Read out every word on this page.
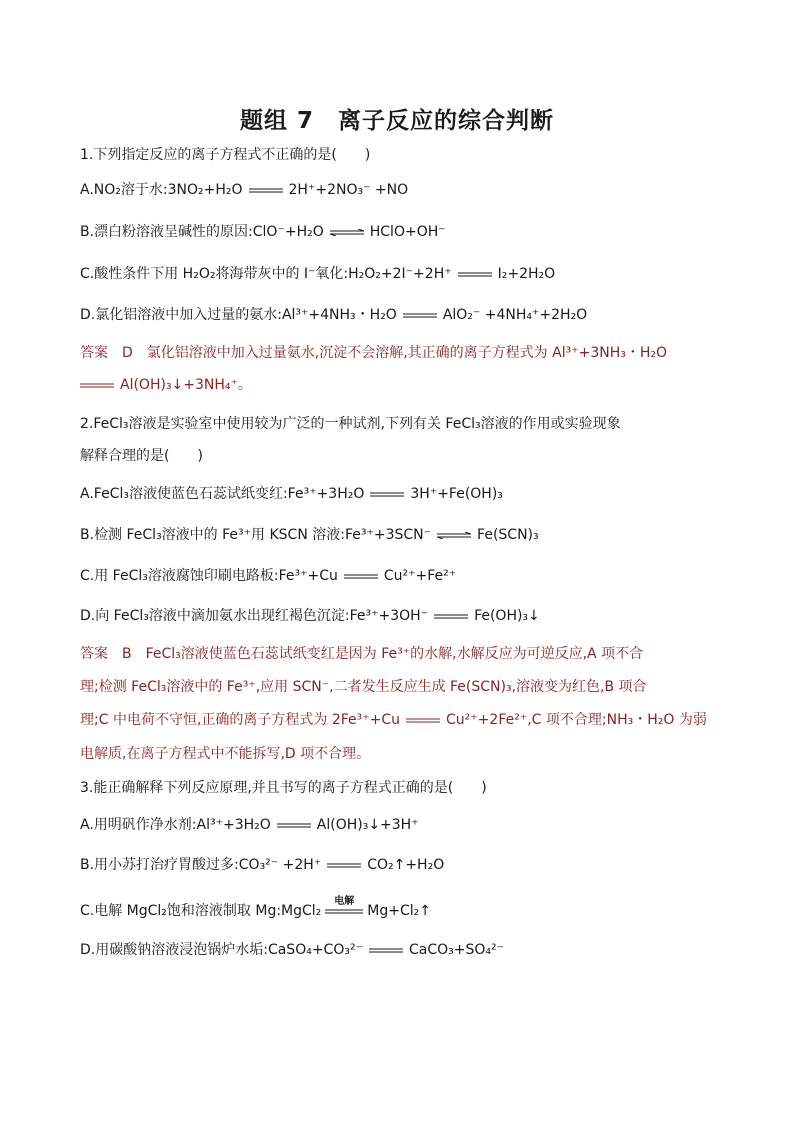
题组 7　离子反应的综合判断
1.下列指定反应的离子方程式不正确的是(　　)
A.NO₂溶于水:3NO₂+H₂O	2H⁺+2NO₃⁻ +NO
B.漂白粉溶液呈碱性的原因:ClO⁻+H₂O ⇌ HClO+OH⁻
C.酸性条件下用 H₂O₂将海带灰中的 I⁻氧化:H₂O₂+2I⁻+2H⁺	I₂+2H₂O
D.氯化铝溶液中加入过量的氨水:Al³⁺+4NH₃・H₂O	AlO₂⁻ +4NH₄⁺+2H₂O
答案　D 氯化铝溶液中加入过量氨水,沉淀不会溶解,其正确的离子方程式为 Al³⁺+3NH₃・H₂O
Al(OH)₃↓+3NH₄⁺。
2.FeCl₃溶液是实验室中使用较为广泛的一种试剂,下列有关 FeCl₃溶液的作用或实验现象
解释合理的是(　　)
A.FeCl₃溶液使蓝色石蕊试纸变红:Fe³⁺+3H₂O	3H⁺+Fe(OH)₃
B.检测 FeCl₃溶液中的 Fe³⁺用 KSCN 溶液:Fe³⁺+3SCN⁻ ⇌ Fe(SCN)₃
C.用 FeCl₃溶液腐蚀印刷电路板:Fe³⁺+Cu	Cu²⁺+Fe²⁺
D.向 FeCl₃溶液中滴加氨水出现红褐色沉淀:Fe³⁺+3OH⁻	Fe(OH)₃↓
答案　B FeCl₃溶液使蓝色石蕊试纸变红是因为 Fe³⁺的水解,水解反应为可逆反应,A 项不合
理;检测 FeCl₃溶液中的 Fe³⁺,应用 SCN⁻,二者发生反应生成 Fe(SCN)₃,溶液变为红色,B 项合
理;C 中电荷不守恒,正确的离子方程式为 2Fe³⁺+Cu	Cu²⁺+2Fe²⁺,C 项不合理;NH₃・H₂O 为弱
电解质,在离子方程式中不能拆写,D 项不合理。
3.能正确解释下列反应原理,并且书写的离子方程式正确的是(　　)
A.用明矾作净水剂:Al³⁺+3H₂O	Al(OH)₃↓+3H⁺
B.用小苏打治疗胃酸过多:CO₃²⁻ +2H⁺	CO₂↑+H₂O
C.电解 MgCl₂饱和溶液制取 Mg:MgCl₂
电解
Mg+Cl₂↑
D.用碳酸钠溶液浸泡锅炉水垢:CaSO₄+CO₃²⁻	CaCO₃+SO₄²⁻
